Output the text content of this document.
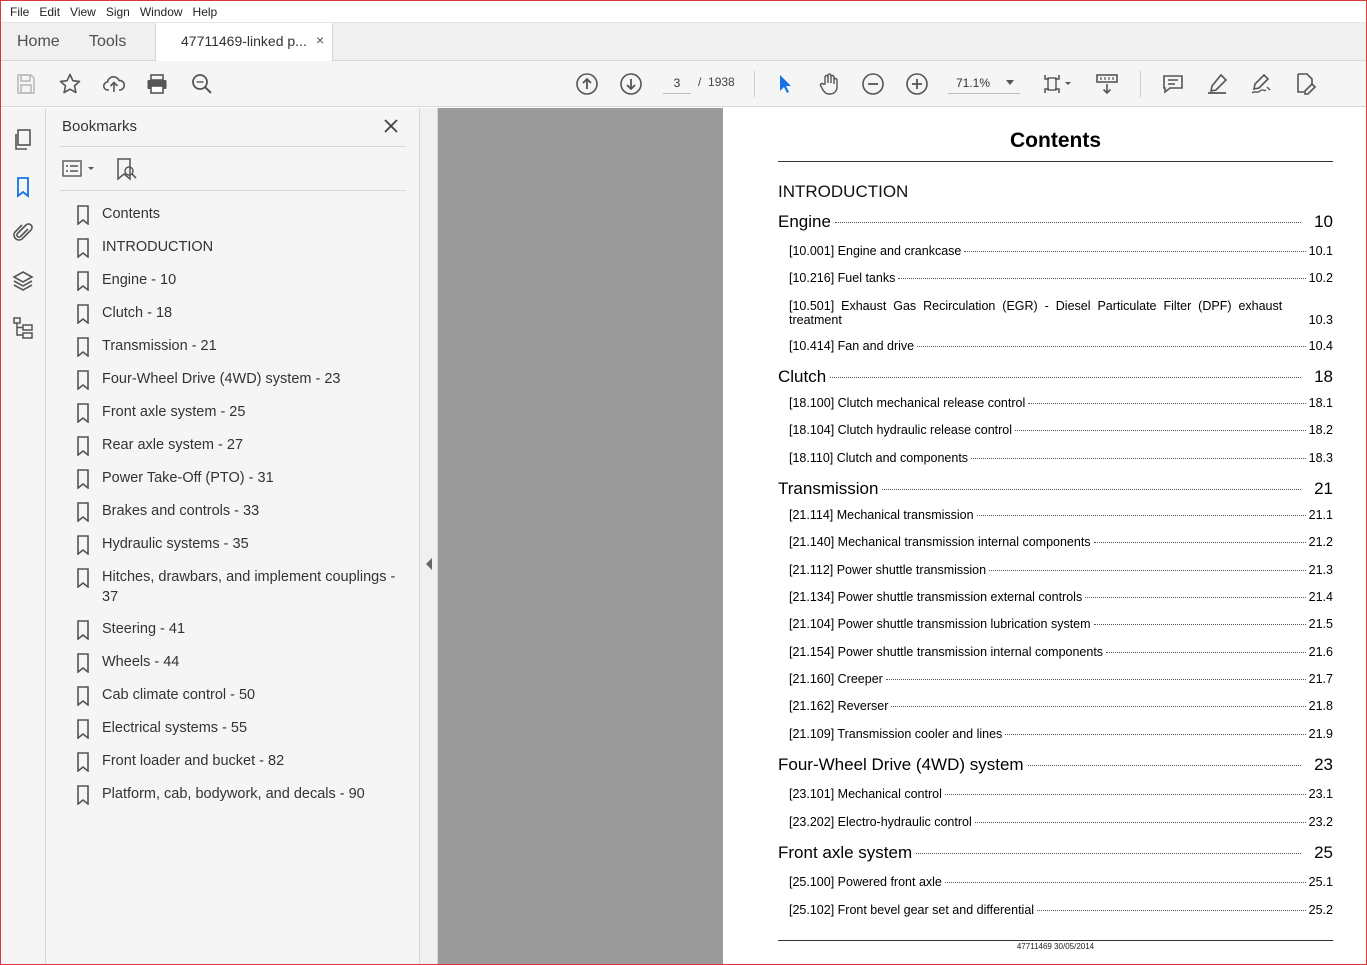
File Edit View Sign Window Help
Home Tools	47711469-linked p... ×
3	/ 1938	71.1%
Bookmarks
Contents
INTRODUCTION
Engine - 10
Clutch - 18
Transmission - 21
Four-Wheel Drive (4WD) system - 23
Front axle system - 25
Rear axle system - 27
Power Take-Off (PTO) - 31
Brakes and controls - 33
Hydraulic systems - 35
Hitches, drawbars, and implement couplings - 37
Steering - 41
Wheels - 44
Cab climate control - 50
Electrical systems - 55
Front loader and bucket - 82
Platform, cab, bodywork, and decals - 90
Contents
INTRODUCTION
Engine	10
[10.001] Engine and crankcase	10.1
[10.216] Fuel tanks	10.2
[10.501]  Exhaust  Gas  Recirculation  (EGR)  -  Diesel  Particulate  Filter  (DPF)  exhaust
treatment	10.3
[10.414] Fan and drive	10.4
Clutch	18
[18.100] Clutch mechanical release control	18.1
[18.104] Clutch hydraulic release control	18.2
[18.110] Clutch and components	18.3
Transmission	21
[21.114] Mechanical transmission	21.1
[21.140] Mechanical transmission internal components	21.2
[21.112] Power shuttle transmission	21.3
[21.134] Power shuttle transmission external controls	21.4
[21.104] Power shuttle transmission lubrication system	21.5
[21.154] Power shuttle transmission internal components	21.6
[21.160] Creeper	21.7
[21.162] Reverser	21.8
[21.109] Transmission cooler and lines	21.9
Four-Wheel Drive (4WD) system	23
[23.101] Mechanical control	23.1
[23.202] Electro-hydraulic control	23.2
Front axle system	25
[25.100] Powered front axle	25.1
[25.102] Front bevel gear set and differential	25.2
47711469 30/05/2014
